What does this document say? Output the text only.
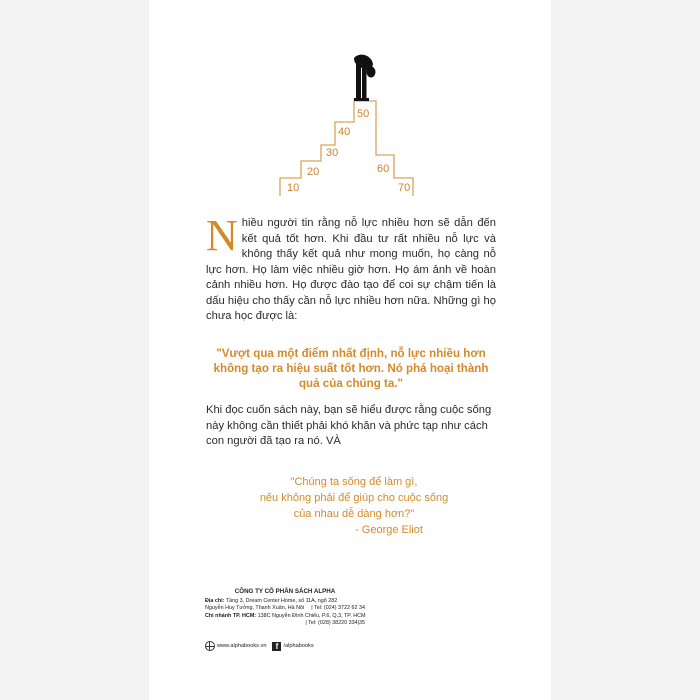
10
20
30
40
50
60
70
N hiều người tin rằng nỗ lực nhiều hơn sẽ dẫn đến kết quả tốt hơn. Khi đầu tư rất nhiều nỗ lực và không thấy kết quả như mong muốn, họ càng nỗ lực hơn. Họ làm việc nhiều giờ hơn. Họ ám ảnh về hoàn cảnh nhiều hơn. Họ được đào tạo để coi sự chậm tiến là dấu hiệu cho thấy cần nỗ lực nhiều hơn nữa. Những gì họ chưa học được là:
"Vượt qua một điểm nhất định, nỗ lực nhiều hơn không tạo ra hiệu suất tốt hơn. Nó phá hoại thành quả của chúng ta."
Khi đọc cuốn sách này, bạn sẽ hiểu được rằng cuộc sống này không cần thiết phải khó khăn và phức tạp như cách con người đã tạo ra nó. VÀ
"Chúng ta sống để làm gì,
nếu không phải để giúp cho cuộc sống
của nhau dễ dàng hơn?"
- George Eliot
CÔNG TY CỔ PHẦN SÁCH ALPHA
Địa chỉ: Tầng 3, Dream Center Home, số 11A, ngõ 282
Nguyễn Huy Tưởng, Thanh Xuân, Hà Nội | Tel: (024) 3722 62 34
Chi nhánh TP. HCM: 138C Nguyễn Đình Chiểu, P.6, Q.3, TP. HCM
| Tel: (028) 38220 334|35
www.alphabooks.vn	f /alphabooks
